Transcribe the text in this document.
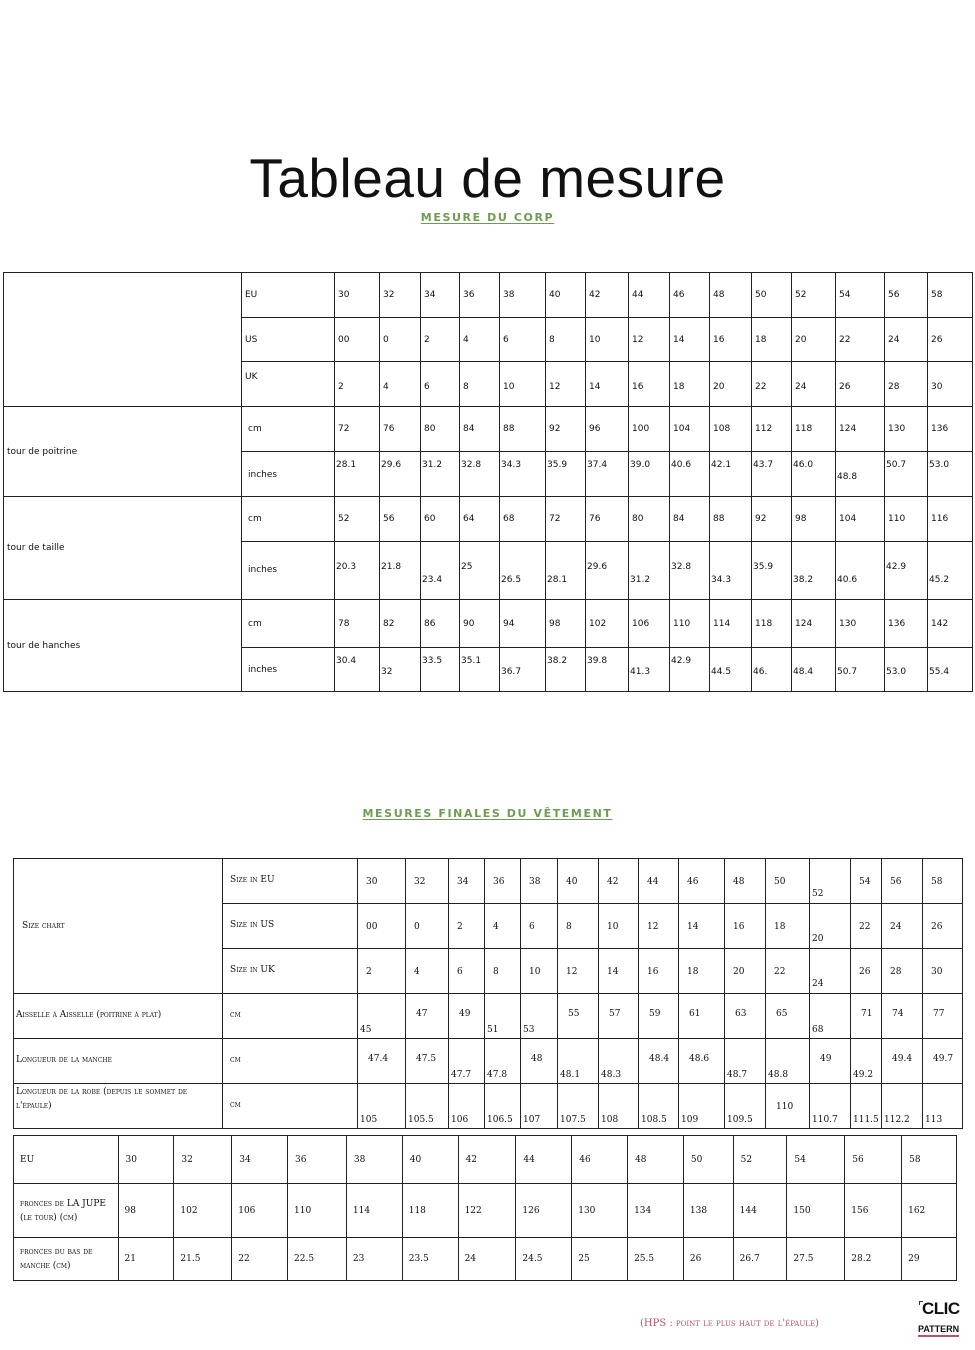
Tableau de mesure
MESURE DU CORP
	EU	30	32	34	36	38	40	42	44	46	48	50	52	54	56	58
	US	00	0	2	4	6	8	10	12	14	16	18	20	22	24	26
	UK	2	4	6	8	10	12	14	16	18	20	22	24	26	28	30
tour de poitrine	cm	72	76	80	84	88	92	96	100	104	108	112	118	124	130	136
	inches	28.1	29.6	31.2	32.8	34.3	35.9	37.4	39.0	40.6	42.1	43.7	46.0	48.8	50.7	53.0
tour de taille	cm	52	56	60	64	68	72	76	80	84	88	92	98	104	110	116
	inches	20.3	21.8	23.4	25	26.5	28.1	29.6	31.2	32.8	34.3	35.9	38.2	40.6	42.9	45.2
tour de hanches	cm	78	82	86	90	94	98	102	106	110	114	118	124	130	136	142
	inches	30.4	32	33.5	35.1	36.7	38.2	39.8	41.3	42.9	44.5	46.	48.4	50.7	53.0	55.4
MESURES FINALES DU VÊTEMENT
Size chart	Size in EU	30	32	34	36	38	40	42	44	46	48	50	52	54	56	58
	Size in US	00	0	2	4	6	8	10	12	14	16	18	20	22	24	26
	Size in UK	2	4	6	8	10	12	14	16	18	20	22	24	26	28	30
Aisselle à Aisselle (poitrine à plat)	cm	45	47	49	51	53	55	57	59	61	63	65	68	71	74	77
Longueur de la manche	cm	47.4	47.5	47.7	47.8	48	48.1	48.3	48.4	48.6	48.7	48.8	49	49.2	49.4	49.7
Longueur de la robe (depuis le sommet de l'épaule)	cm	105	105.5	106	106.5	107	107.5	108	108.5	109	109.5	110	110.7	111.5	112.2	113
EU	30	32	34	36	38	40	42	44	46	48	50	52	54	56	58
fronces de LA JUPE (le tour) (cm)	98	102	106	110	114	118	122	126	130	134	138	144	150	156	162
fronces du bas de manche (cm)	21	21.5	22	22.5	23	23.5	24	24.5	25	25.5	26	26.7	27.5	28.2	29
(HPS : point le plus haut de l'épaule)
CLIC
PATTERN
